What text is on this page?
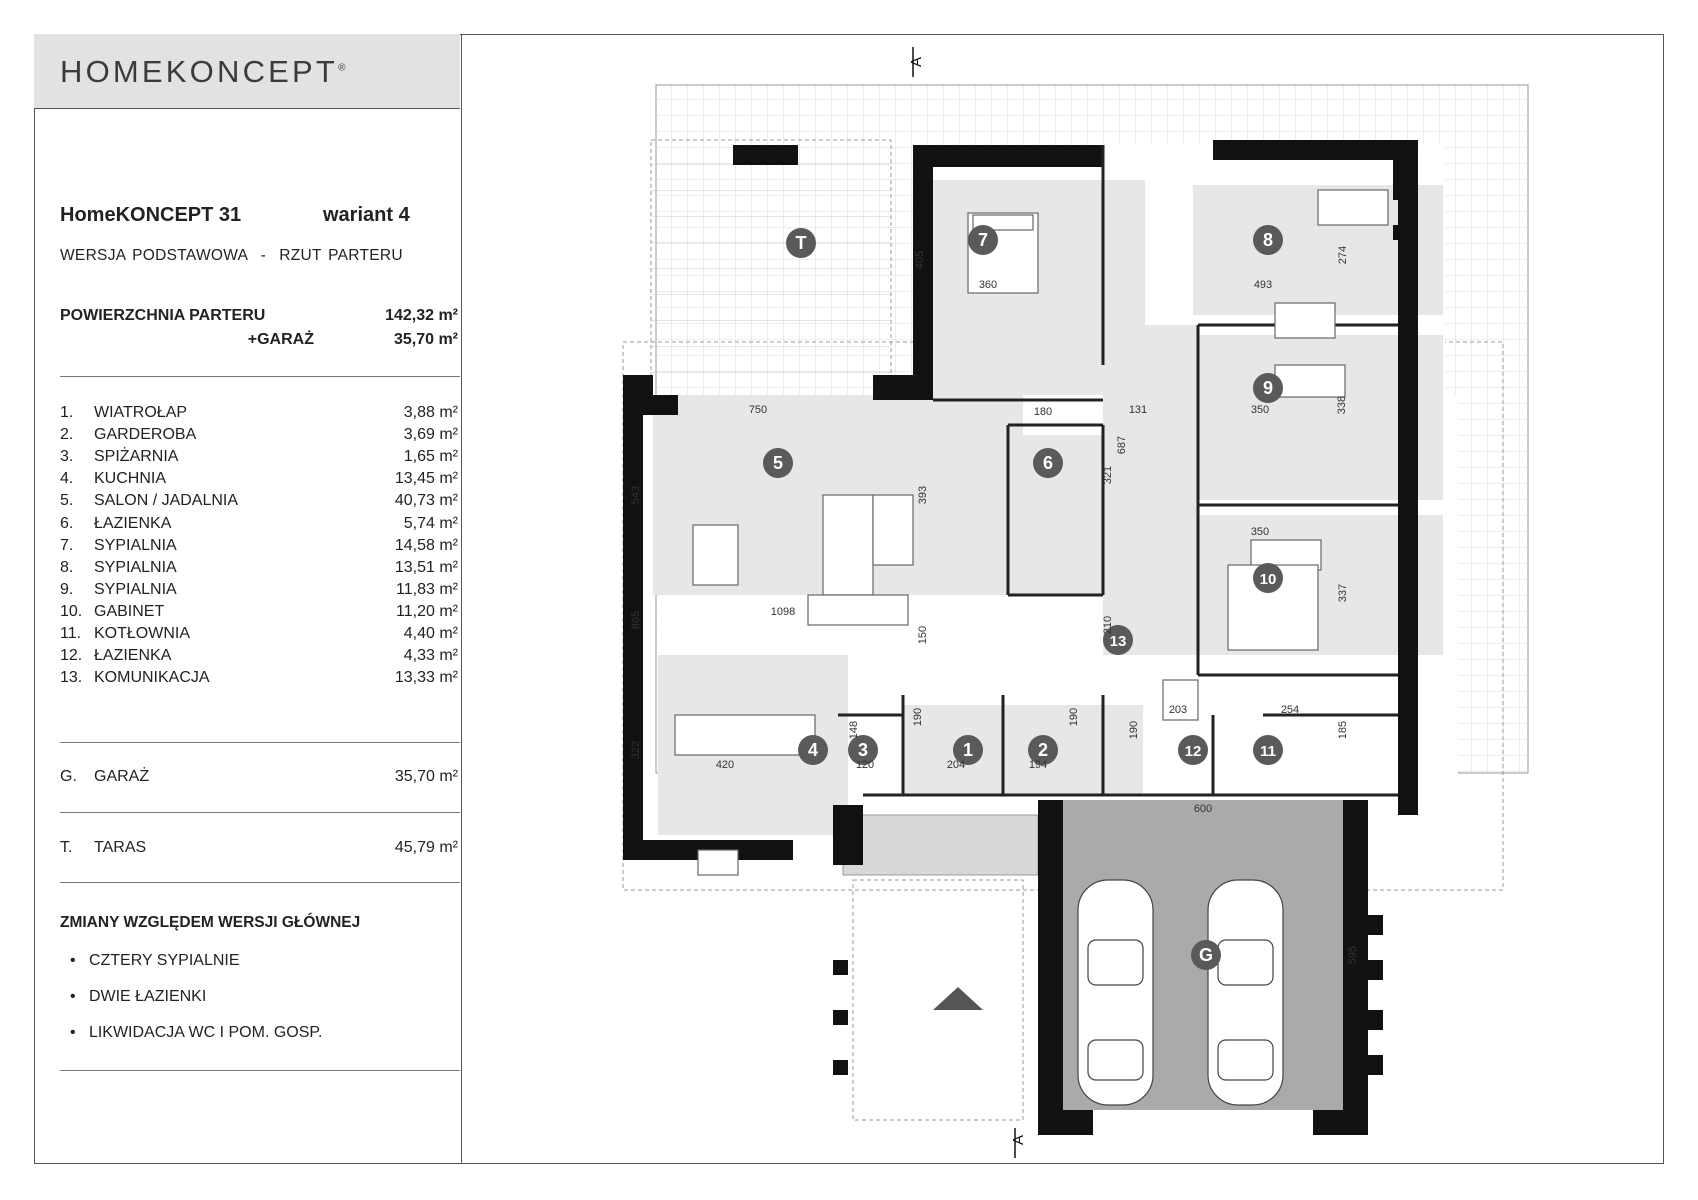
HOMEKONCEPT®
HomeKONCEPT 31	wariant 4
WERSJA PODSTAWOWA  -  RZUT PARTERU
POWIERZCHNIA PARTERU	142,32 m²
+GARAŻ	35,70 m²
1.	WIATROŁAP	3,88 m²
2.	GARDEROBA	3,69 m²
3.	SPIŻARNIA	1,65 m²
4.	KUCHNIA	13,45 m²
5.	SALON / JADALNIA	40,73 m²
6.	ŁAZIENKA	5,74 m²
7.	SYPIALNIA	14,58 m²
8.	SYPIALNIA	13,51 m²
9.	SYPIALNIA	11,83 m²
10. GABINET	11,20 m²
11. KOTŁOWNIA	4,40 m²
12. ŁAZIENKA	4,33 m²
13. KOMUNIKACJA	13,33 m²
G.	GARAŻ	35,70 m²
T.	TARAS	45,79 m²
ZMIANY WZGLĘDEM WERSJI GŁÓWNEJ
•   CZTERY SYPIALNIE
•   DWIE ŁAZIENKI
•   LIKWIDACJA WC I POM. GOSP.
A
A
1	2
3
4
5	6
7	8
9
10
11
12
13
G
T
750	131	350
543	393
687
180
321
338
350
337
865	1098
150
210
190	190
148	190
322
420	120	204	194
203	254
185
405
360	493
274
600
595
